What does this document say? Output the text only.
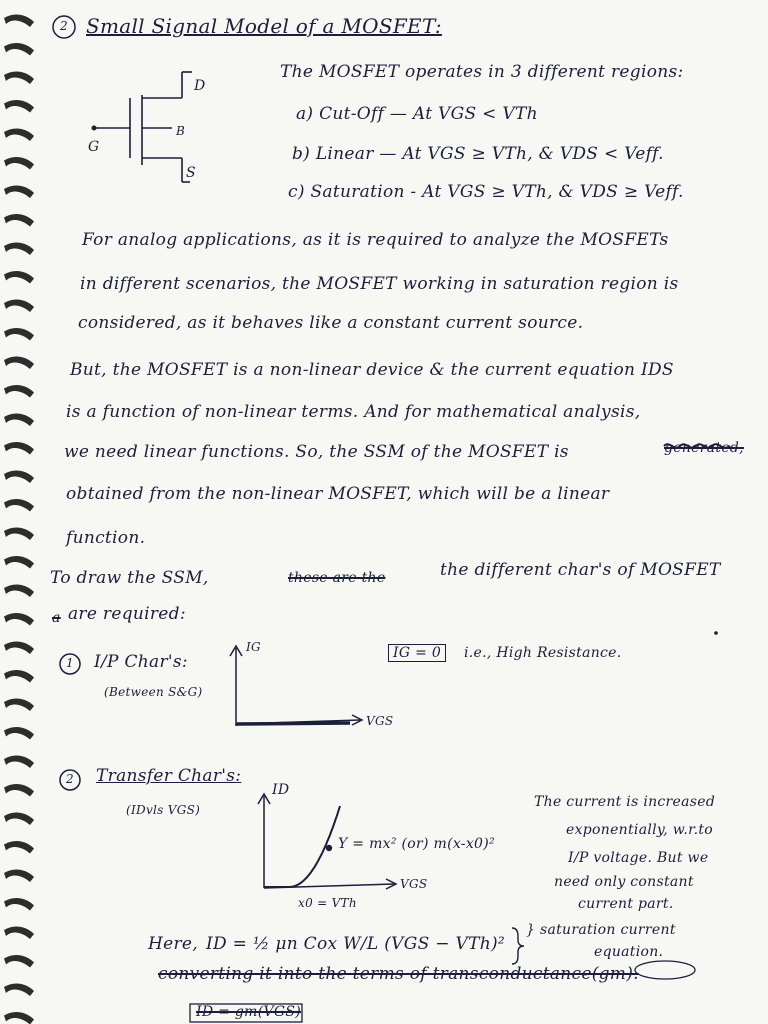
2 Small Signal Model of a MOSFET:
D
G
B
S
The MOSFET operates in 3 different regions:
a) Cut-Off — At VGS < VTh
b) Linear — At VGS ≥ VTh, & VDS < Veff.
c) Saturation - At VGS ≥ VTh, & VDS ≥ Veff.
For analog applications, as it is required to analyze the MOSFETs
in different scenarios, the MOSFET working in saturation region is
considered, as it behaves like a constant current source.
But, the MOSFET is a non-linear device & the current equation IDS
is a function of non-linear terms. And for mathematical analysis,
we need linear functions. So, the SSM of the MOSFET is	generated,
obtained from the non-linear MOSFET, which will be a linear
function.
To draw the SSM,	these are the	the different char's of MOSFET
a are required:
1 I/P Char's:
(Between S&G)
IG
VGS
IG = 0	i.e., High Resistance.
2 Transfer Char's:
(IDvls VGS)
ID
VGS
Y = mx² (or) m(x-x0)²
x0 = VTh
The current is increased
exponentially, w.r.to
I/P voltage. But we
need only constant
current part.
Here, ID = ½ μn Cox W/L (VGS − VTh)²
} saturation current
equation.
converting it into the terms of transconductance(gm).
ID = gm(VGS)
